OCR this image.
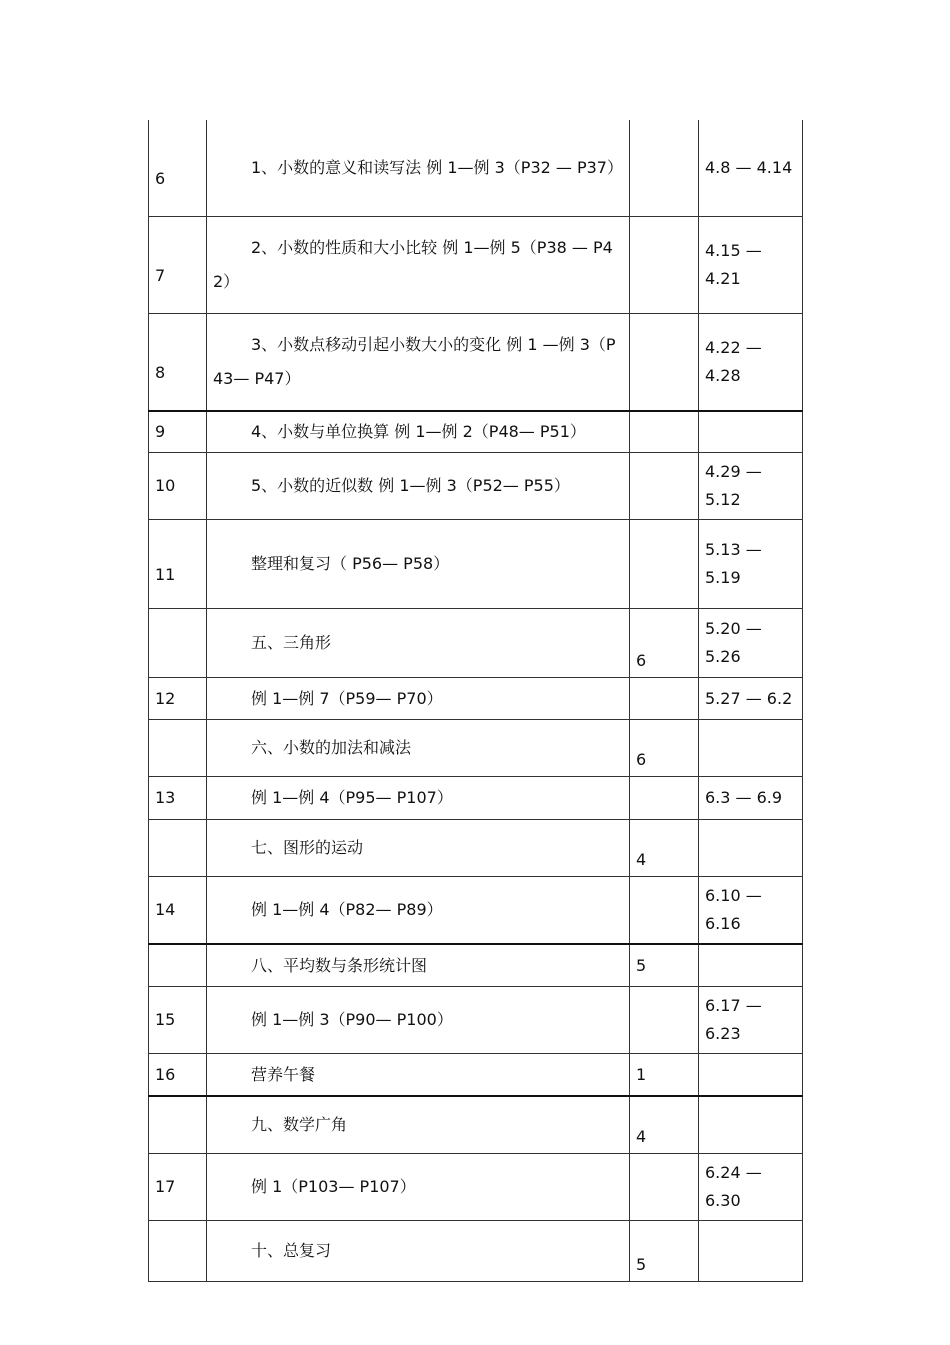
6	1、小数的意义和读写法 例 1—例 3（P32 — P37）		4.8 — 4.14

7	2、小数的性质和大小比较 例 1—例 5（P38 — P42）		4.15 — 4.21

8	3、小数点移动引起小数大小的变化 例 1 —例 3（P43— P47）		4.22 — 4.28

9	4、小数与单位换算 例 1—例 2（P48— P51）		

10	5、小数的近似数 例 1—例 3（P52— P55）		4.29 — 5.12

11	整理和复习（ P56— P58）		5.13 — 5.19

	五、三角形	6	5.20 — 5.26

12	例 1—例 7（P59— P70）		5.27 — 6.2

	六、小数的加法和减法	6	

13	例 1—例 4（P95— P107）		6.3 — 6.9

	七、图形的运动	4	

14	例 1—例 4（P82— P89）		6.10 — 6.16

	八、平均数与条形统计图	5	

15	例 1—例 3（P90— P100）		6.17 — 6.23

16	营养午餐	1	

	九、数学广角	4	

17	例 1（P103— P107）		6.24 — 6.30

	十、总复习	5	
